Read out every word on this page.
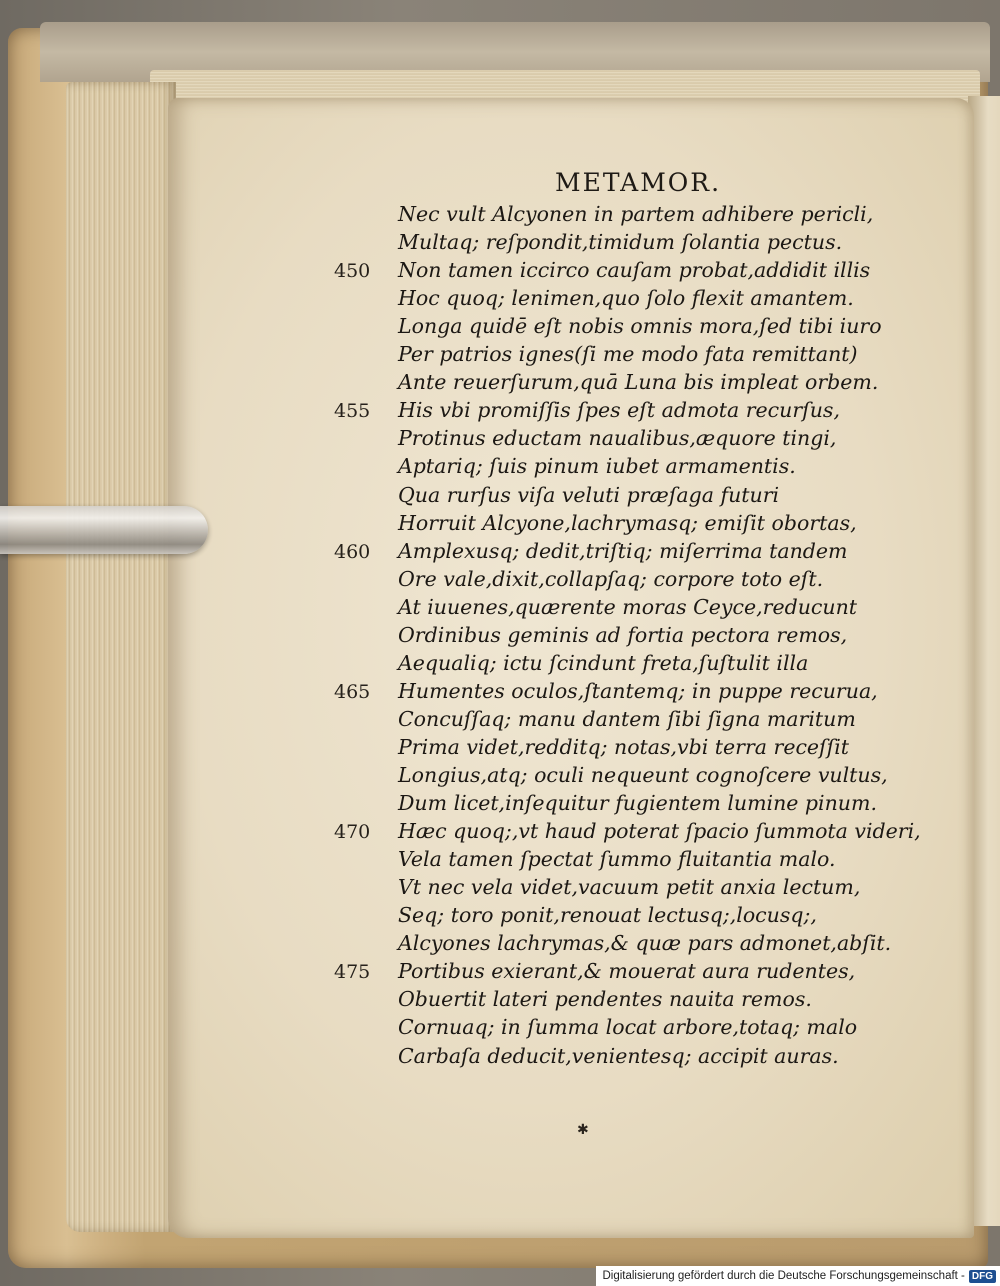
METAMOR.
Nec vult Alcyonen in partem adhibere pericli,
Multaq; reſpondit,timidum ſolantia pectus.
Non tamen iccirco cauſam probat,addidit illis
450
Hoc quoq; lenimen,quo ſolo flexit amantem.
Longa quidē eſt nobis omnis mora,ſed tibi iuro
Per patrios ignes(ſi me modo fata remittant)
Ante reuerſurum,quā Luna bis impleat orbem.
His vbi promiſſis ſpes eſt admota recurſus,
455
Protinus eductam naualibus,æquore tingi,
Aptariq; ſuis pinum iubet armamentis.
Qua rurſus viſa veluti præſaga futuri
Horruit Alcyone,lachrymasq; emiſit obortas,
Amplexusq; dedit,triſtiq; miſerrima tandem
460
Ore vale,dixit,collapſaq; corpore toto eſt.
At iuuenes,quærente moras Ceyce,reducunt
Ordinibus geminis ad fortia pectora remos,
Aequaliq; ictu ſcindunt freta,ſuſtulit illa
Humentes oculos,ſtantemq; in puppe recurua,
465
Concuſſaq; manu dantem ſibi ſigna maritum
Prima videt,redditq; notas,vbi terra receſſit
Longius,atq; oculi nequeunt cognoſcere vultus,
Dum licet,inſequitur fugientem lumine pinum.
Hæc quoq;,vt haud poterat ſpacio ſummota videri,
470
Vela tamen ſpectat ſummo fluitantia malo.
Vt nec vela videt,vacuum petit anxia lectum,
Seq; toro ponit,renouat lectusq;,locusq;,
Alcyones lachrymas,& quæ pars admonet,abſit.
Portibus exierant,& mouerat aura rudentes,
475
Obuertit lateri pendentes nauita remos.
Cornuaq; in ſumma locat arbore,totaq; malo
Carbaſa deducit,venientesq; accipit auras.
✱
Digitalisierung gefördert durch die Deutsche Forschungsgemeinschaft - DFG
